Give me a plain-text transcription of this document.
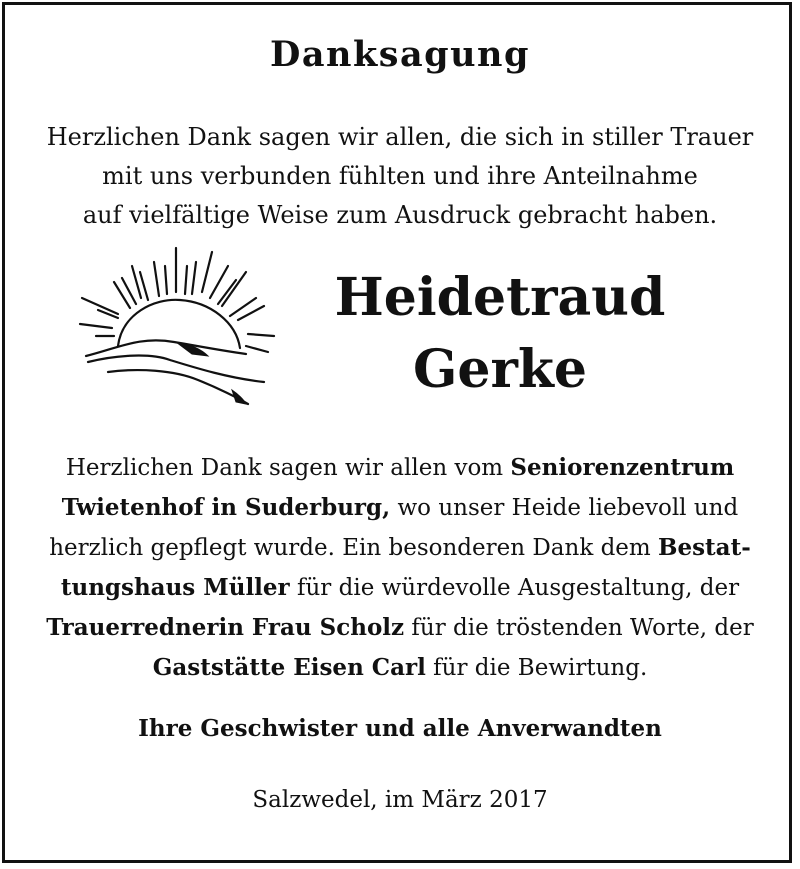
Danksagung
Herzlichen Dank sagen wir allen, die sich in stiller Trauer
mit uns verbunden fühlten und ihre Anteilnahme
auf vielfältige Weise zum Ausdruck gebracht haben.
Heidetraud
Gerke
Herzlichen Dank sagen wir allen vom Seniorenzentrum
Twietenhof in Suderburg, wo unser Heide liebevoll und
herzlich gepflegt wurde. Ein besonderen Dank dem Bestat-
tungshaus Müller für die würdevolle Ausgestaltung, der
Trauerrednerin Frau Scholz für die tröstenden Worte, der
Gaststätte Eisen Carl für die Bewirtung.
Ihre Geschwister und alle Anverwandten
Salzwedel, im März 2017
